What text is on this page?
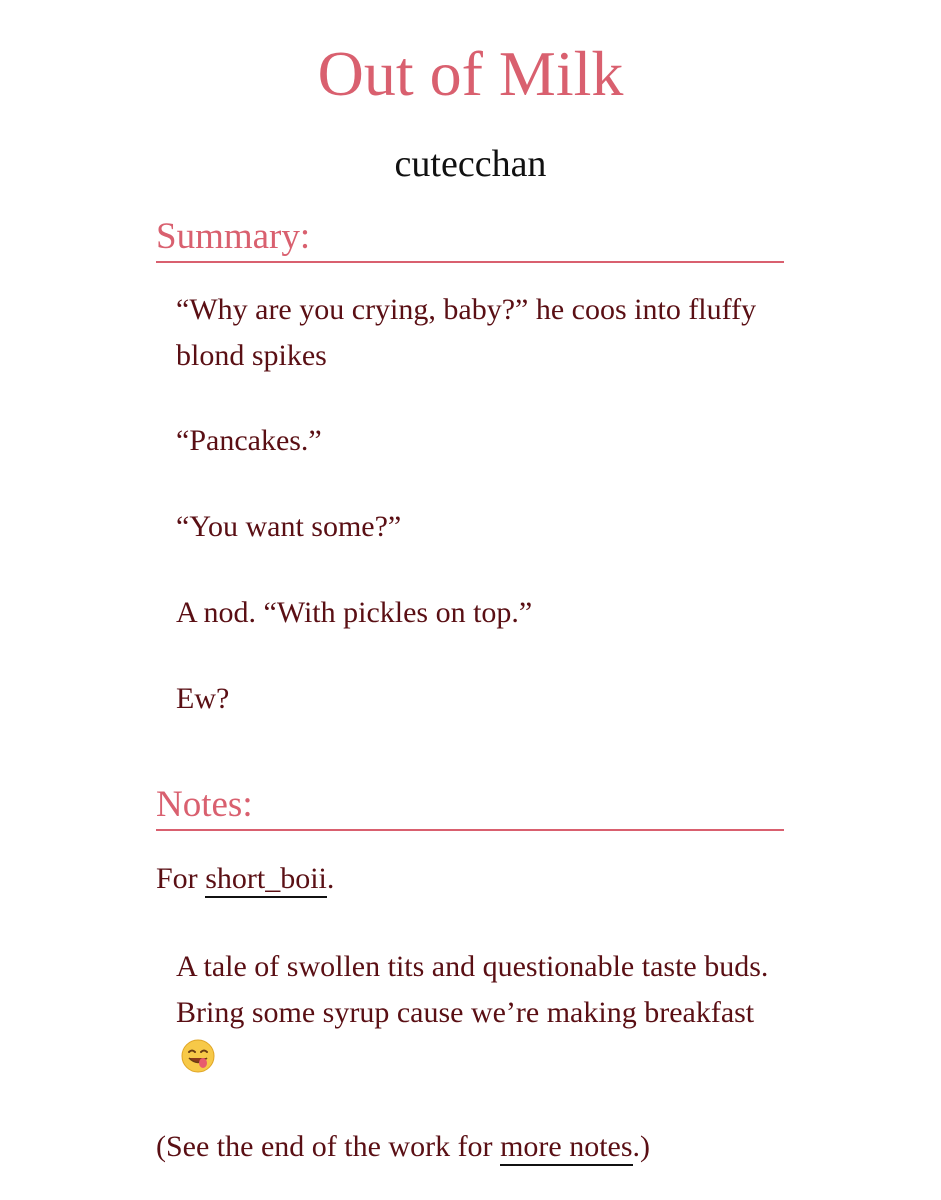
Out of Milk
cutecchan
Summary:

“Why are you crying, baby?” he coos into fluffy blond spikes

“Pancakes.”

“You want some?”

A nod. “With pickles on top.”

Ew?

Notes:

For short_boii.

A tale of swollen tits and questionable taste buds. Bring some syrup cause we’re making breakfast

(See the end of the work for more notes.)
